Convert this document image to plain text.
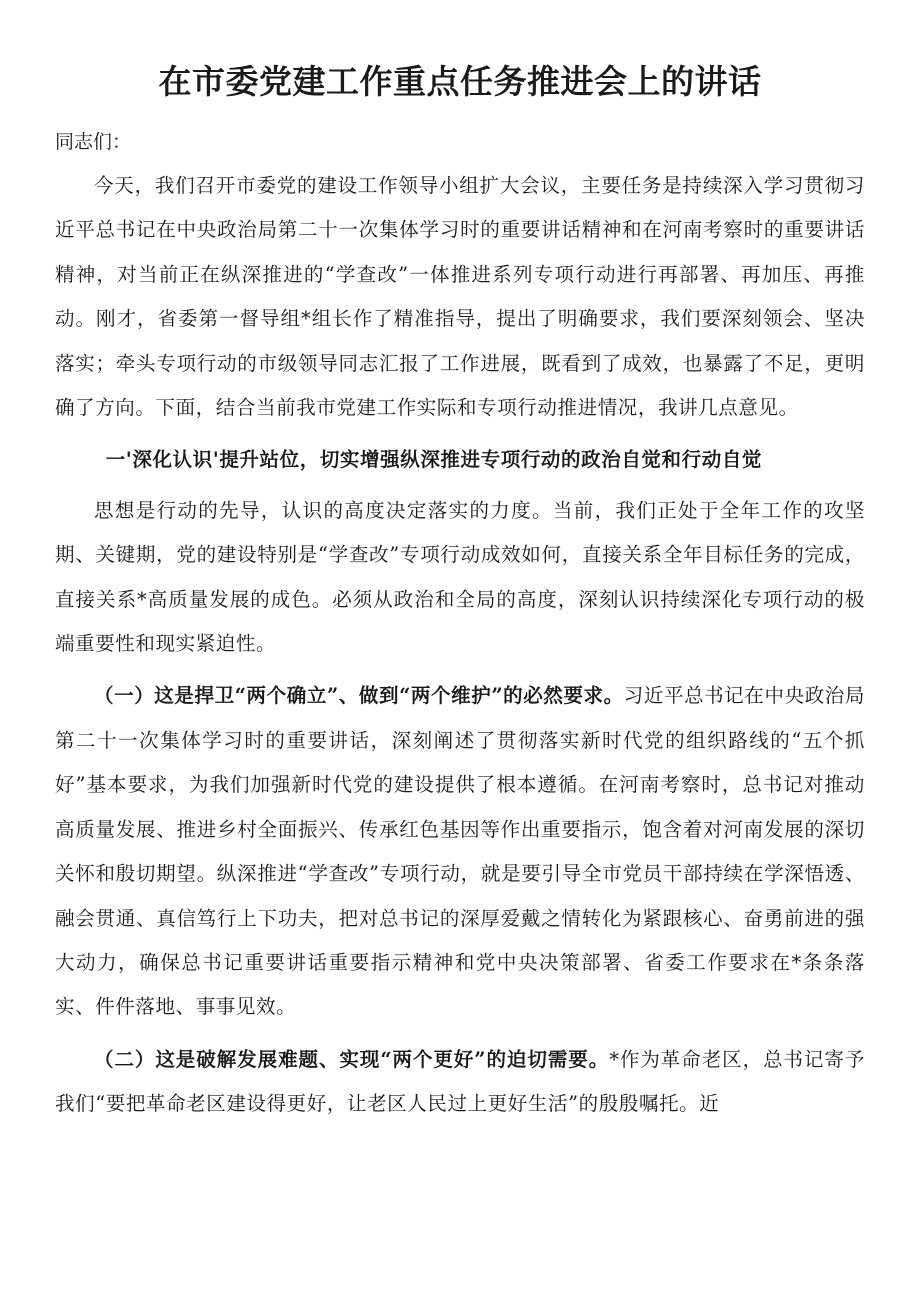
在市委党建工作重点任务推进会上的讲话
同志们：

今天，我们召开市委党的建设工作领导小组扩大会议，主要任务是持续深入学习贯彻习近平总书记在中央政治局第二十一次集体学习时的重要讲话精神和在河南考察时的重要讲话精神，对当前正在纵深推进的“学查改”一体推进系列专项行动进行再部署、再加压、再推动。刚才，省委第一督导组*组长作了精准指导，提出了明确要求，我们要深刻领会、坚决落实；牵头专项行动的市级领导同志汇报了工作进展，既看到了成效，也暴露了不足，更明确了方向。下面，结合当前我市党建工作实际和专项行动推进情况，我讲几点意见。

一'深化认识'提升站位，切实增强纵深推进专项行动的政治自觉和行动自觉

思想是行动的先导，认识的高度决定落实的力度。当前，我们正处于全年工作的攻坚期、关键期，党的建设特别是“学查改”专项行动成效如何，直接关系全年目标任务的完成，直接关系*高质量发展的成色。必须从政治和全局的高度，深刻认识持续深化专项行动的极端重要性和现实紧迫性。

（一）这是捍卫“两个确立”、做到“两个维护”的必然要求。习近平总书记在中央政治局第二十一次集体学习时的重要讲话，深刻阐述了贯彻落实新时代党的组织路线的“五个抓好”基本要求，为我们加强新时代党的建设提供了根本遵循。在河南考察时，总书记对推动高质量发展、推进乡村全面振兴、传承红色基因等作出重要指示，饱含着对河南发展的深切关怀和殷切期望。纵深推进“学查改”专项行动，就是要引导全市党员干部持续在学深悟透、融会贯通、真信笃行上下功夫，把对总书记的深厚爱戴之情转化为紧跟核心、奋勇前进的强大动力，确保总书记重要讲话重要指示精神和党中央决策部署、省委工作要求在*条条落实、件件落地、事事见效。

（二）这是破解发展难题、实现“两个更好”的迫切需要。*作为革命老区，总书记寄予我们“要把革命老区建设得更好，让老区人民过上更好生活”的殷殷嘱托。近
